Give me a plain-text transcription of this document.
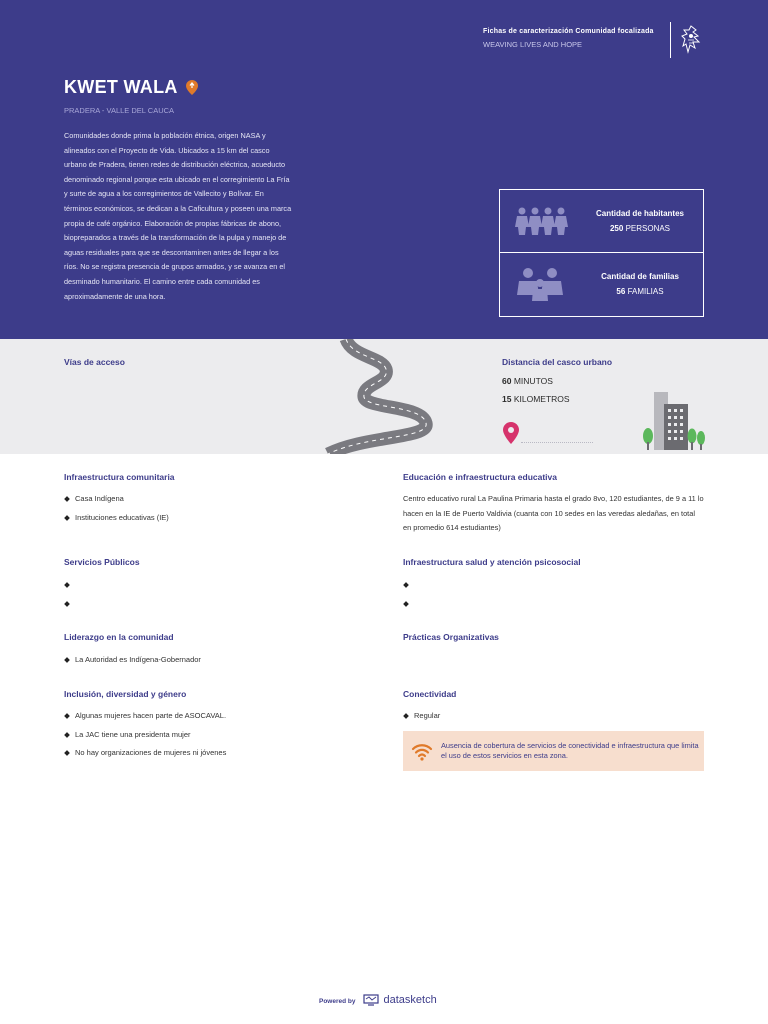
Fichas de caracterización Comunidad focalizada
WEAVING LIVES AND HOPE
KWET WALA
PRADERA - VALLE DEL CAUCA
Comunidades donde prima la población étnica, origen NASA y alineados con el Proyecto de Vida. Ubicados a 15 km del casco urbano de Pradera, tienen redes de distribución eléctrica, acueducto denominado regional porque esta ubicado en el corregimiento La Fría y surte de agua a los corregimientos de Vallecito y Bolívar. En términos económicos, se dedican a la Caficultura y poseen una marca propia de café orgánico. Elaboración de propias fábricas de abono, biopreparados a través de la transformación de la pulpa y manejo de aguas residuales para que se descontaminen antes de llegar a los ríos. No se registra presencia de grupos armados, y se avanza en el desminado humanitario. El camino entre cada comunidad es aproximadamente de una hora.
Cantidad de habitantes
250 PERSONAS
Cantidad de familias
56 FAMILIAS
Vías de acceso	Distancia del casco urbano
60 MINUTOS
15 KILOMETROS
Infraestructura comunitaria
Casa Indígena
Instituciones educativas (IE)
Educación e infraestructura educativa
Centro educativo rural La Paulina Primaria hasta el grado 8vo, 120 estudiantes, de 9 a 11 lo hacen en la IE de Puerto Valdivia (cuanta con 10 sedes en las veredas aledañas, en total en promedio 614 estudiantes)
Servicios Públicos	Infraestructura salud y atención psicosocial
Liderazgo en la comunidad
La Autoridad es Indígena-Gobernador
Prácticas Organizativas
Inclusión, diversidad y género
Algunas mujeres hacen parte de ASOCAVAL.
La JAC tiene una presidenta mujer
No hay organizaciones de mujeres ni jóvenes
Conectividad
Regular
Ausencia de cobertura de servicios de conectividad e infraestructura que limita el uso de estos servicios en esta zona.
Powered by	datasketch
